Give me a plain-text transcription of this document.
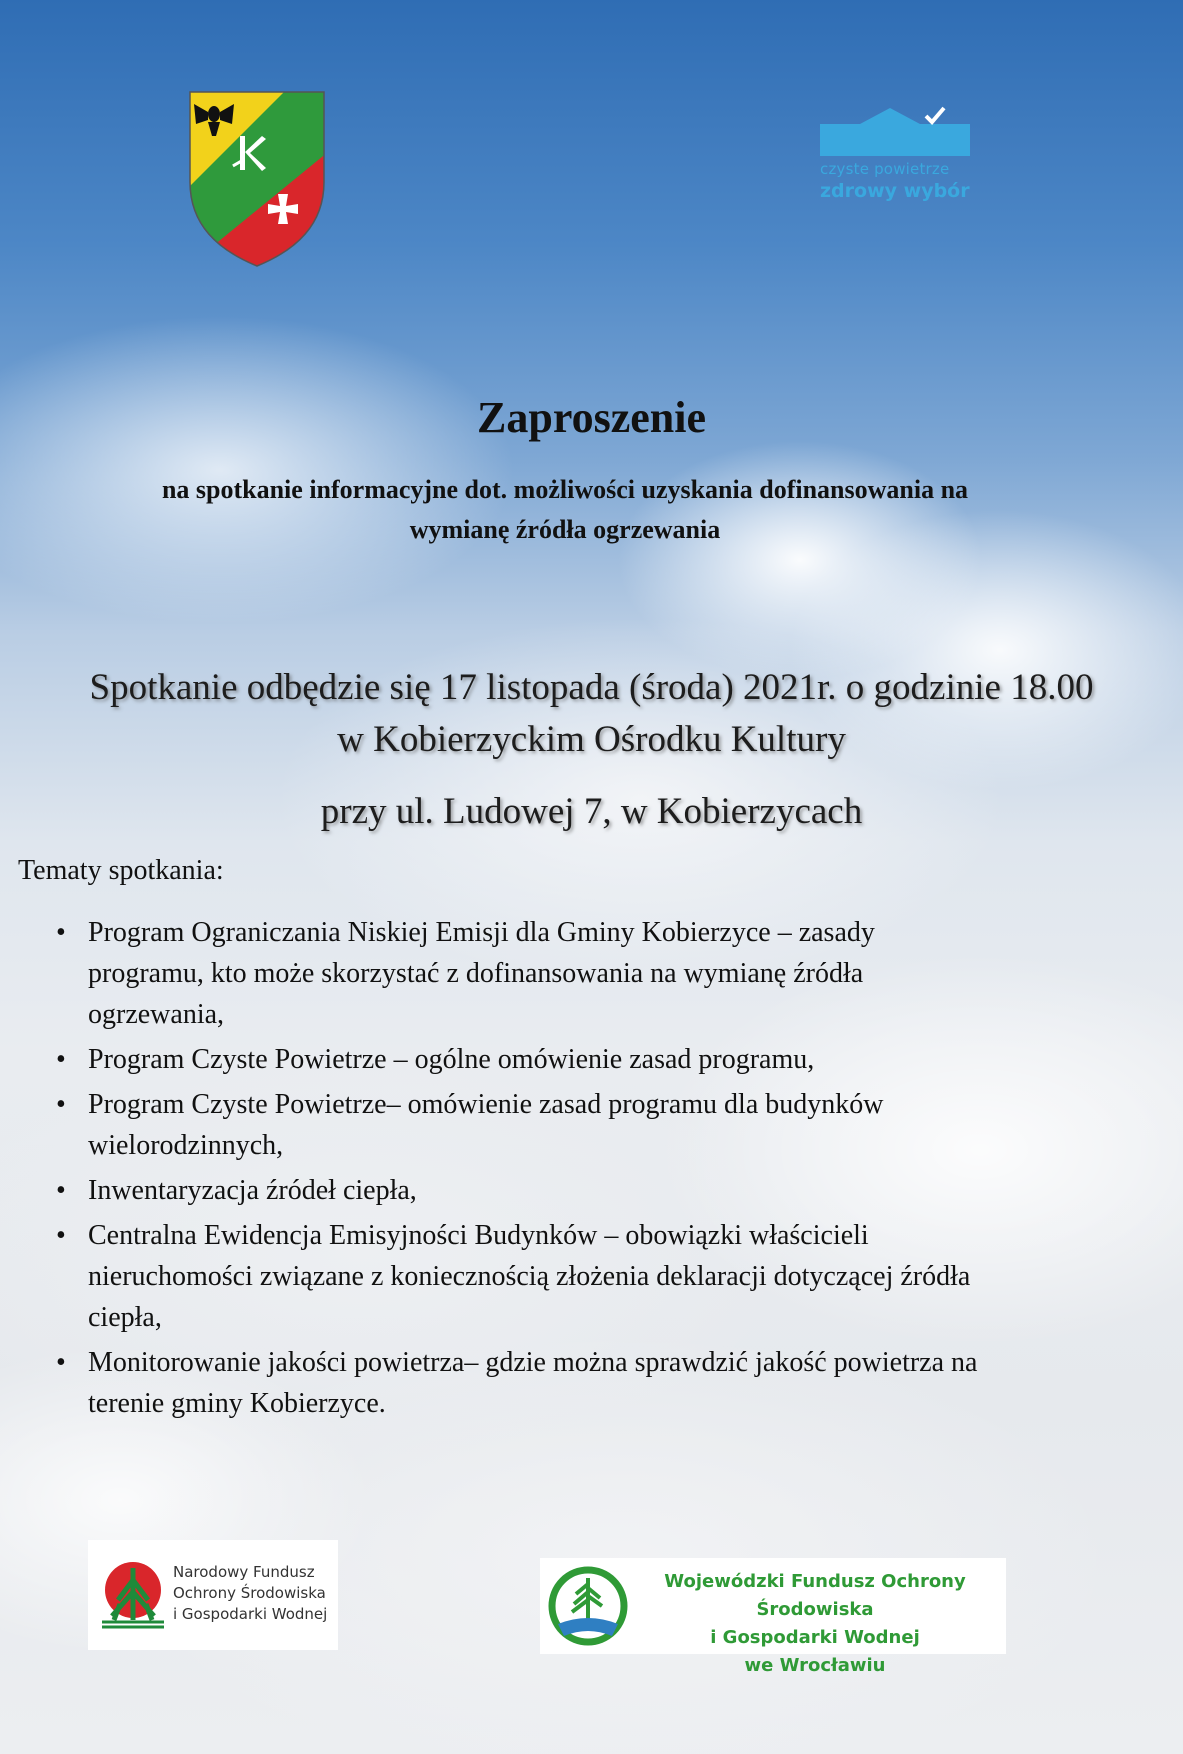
czyste powietrze
zdrowy wybór
Zaproszenie
na spotkanie informacyjne dot. możliwości uzyskania dofinansowania na
wymianę źródła ogrzewania
Spotkanie odbędzie się 17 listopada (środa) 2021r. o godzinie 18.00
w Kobierzyckim Ośrodku Kultury
przy ul. Ludowej 7, w Kobierzycach
Tematy spotkania:
• Program Ograniczania Niskiej Emisji dla Gminy Kobierzyce – zasady
programu, kto może skorzystać z dofinansowania na wymianę źródła
ogrzewania,
• Program Czyste Powietrze – ogólne omówienie zasad programu,
• Program Czyste Powietrze– omówienie zasad programu dla budynków
wielorodzinnych,
• Inwentaryzacja źródeł ciepła,
• Centralna Ewidencja Emisyjności Budynków – obowiązki właścicieli
nieruchomości związane z koniecznością złożenia deklaracji dotyczącej źródła
ciepła,
• Monitorowanie jakości powietrza– gdzie można sprawdzić jakość powietrza na
terenie gminy Kobierzyce.
Narodowy Fundusz
Ochrony Środowiska
i Gospodarki Wodnej
Wojewódzki Fundusz Ochrony Środowiska
i Gospodarki Wodnej
we Wrocławiu
